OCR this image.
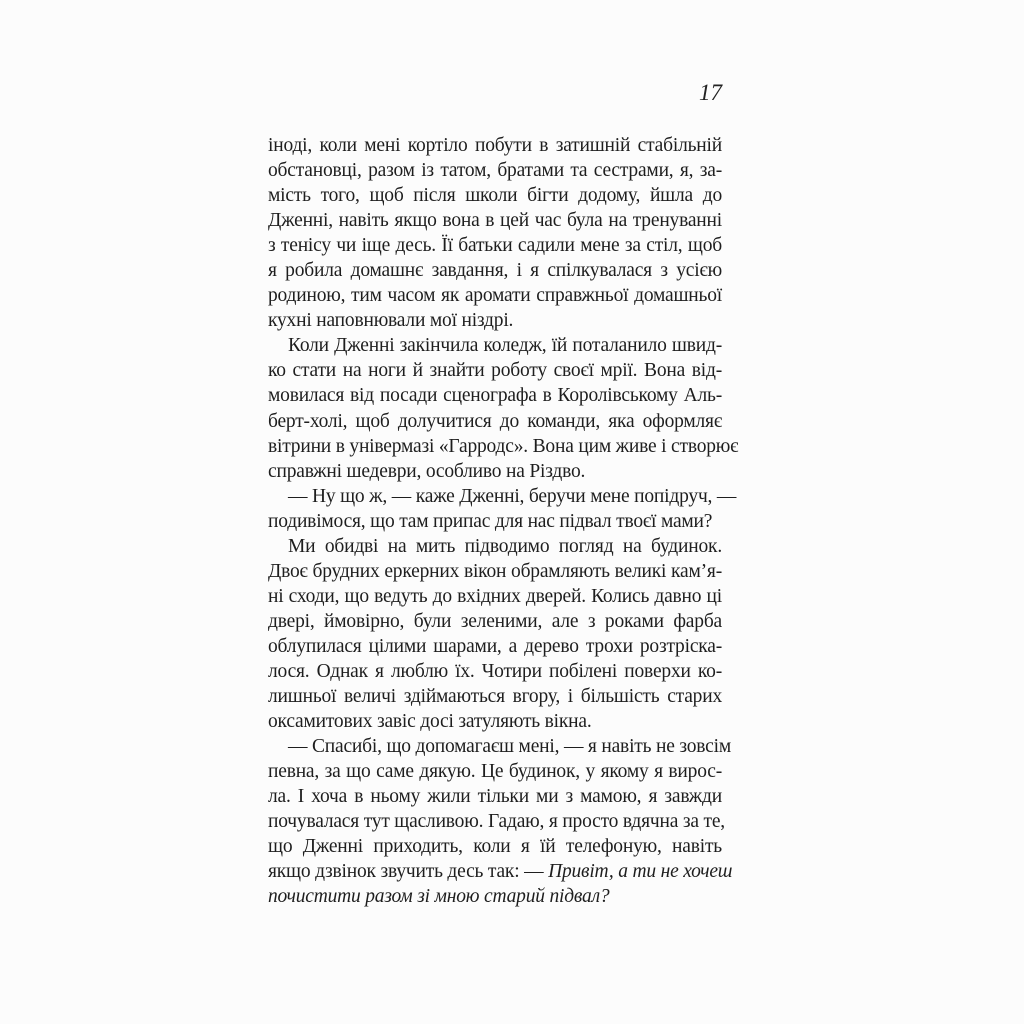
17
іноді, коли мені кортіло побути в затишній стабільній
обстановці, разом із татом, братами та сестрами, я, за-
мість того, щоб після школи бігти додому, йшла до
Дженні, навіть якщо вона в цей час була на тренуванні
з тенісу чи іще десь. Її батьки садили мене за стіл, щоб
я робила домашнє завдання, і я спілкувалася з усією
родиною, тим часом як аромати справжньої домашньої
кухні наповнювали мої ніздрі.
Коли Дженні закінчила коледж, їй поталанило швид-
ко стати на ноги й знайти роботу своєї мрії. Вона від-
мовилася від посади сценографа в Королівському Аль-
берт-холі, щоб долучитися до команди, яка оформляє
вітрини в універмазі «Гарродс». Вона цим живе і створює
справжні шедеври, особливо на Різдво.
— Ну що ж, — каже Дженні, беручи мене попідруч, —
подивімося, що там припас для нас підвал твоєї мами?
Ми обидві на мить підводимо погляд на будинок.
Двоє брудних еркерних вікон обрамляють великі кам’я-
ні сходи, що ведуть до вхідних дверей. Колись давно ці
двері, ймовірно, були зеленими, але з роками фарба
облупилася цілими шарами, а дерево трохи розтріска-
лося. Однак я люблю їх. Чотири побілені поверхи ко-
лишньої величі здіймаються вгору, і більшість старих
оксамитових завіс досі затуляють вікна.
— Спасибі, що допомагаєш мені, — я навіть не зовсім
певна, за що саме дякую. Це будинок, у якому я вирос-
ла. І хоча в ньому жили тільки ми з мамою, я завжди
почувалася тут щасливою. Гадаю, я просто вдячна за те,
що Дженні приходить, коли я їй телефоную, навіть
якщо дзвінок звучить десь так: — Привіт, а ти не хочеш
почистити разом зі мною старий підвал?
